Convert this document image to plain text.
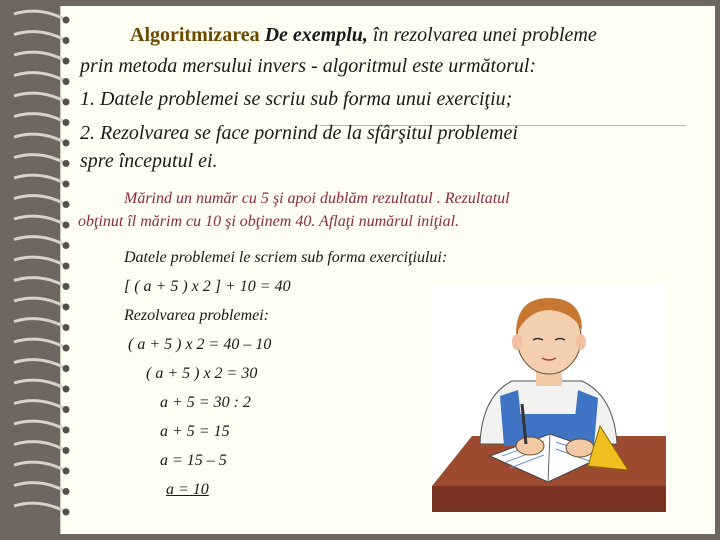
Algoritmizarea De exemplu, în rezolvarea unei probleme
prin metoda mersului invers - algoritmul este următorul:
1. Datele problemei se scriu sub forma unui exerciţiu;
2. Rezolvarea se face pornind de la sfârşitul problemei
spre începutul ei.
Mărind un număr cu 5 şi apoi dublăm rezultatul . Rezultatul
obţinut îl mărim cu 10 şi obţinem 40. Aflaţi numărul iniţial.
Datele problemei le scriem sub forma exerciţiului:
[ ( a + 5 ) x 2 ] + 10 = 40
Rezolvarea problemei:
( a + 5 ) x 2 = 40 – 10
( a + 5 ) x 2 = 30
a + 5 = 30 : 2
a + 5 = 15
a = 15 – 5
a = 10
